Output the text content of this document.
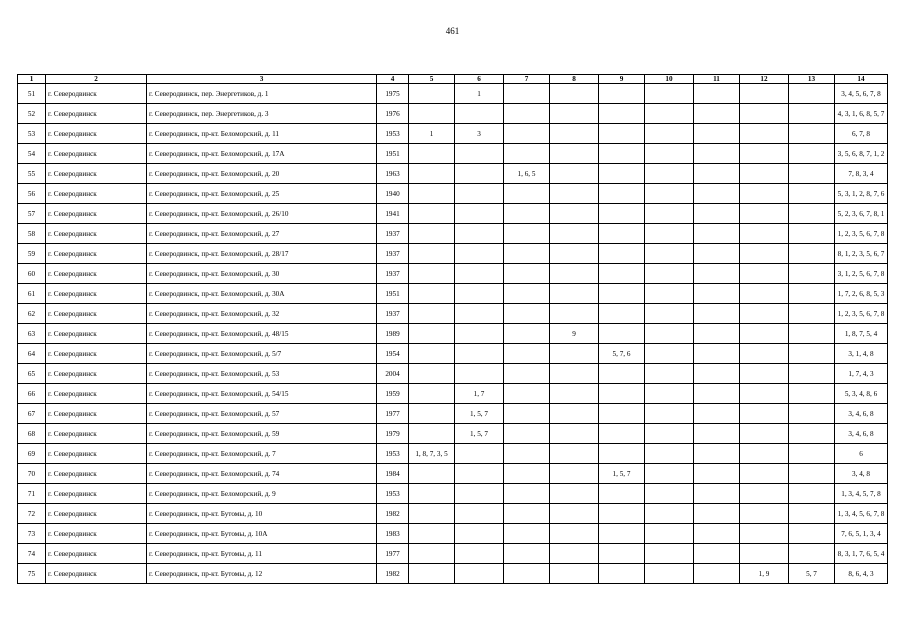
461
1	2	3	4	5	6	7	8	9	10	11	12	13	14
51	г. Северодвинск	г. Северодвинск, пер. Энергетиков, д. 1	1975		1								3, 4, 5, 6, 7, 8
52	г. Северодвинск	г. Северодвинск, пер. Энергетиков, д. 3	1976										4, 3, 1, 6, 8, 5, 7
53	г. Северодвинск	г. Северодвинск, пр-кт. Беломорский, д. 11	1953	1	3								6, 7, 8
54	г. Северодвинск	г. Северодвинск, пр-кт. Беломорский, д. 17А	1951										3, 5, 6, 8, 7, 1, 2
55	г. Северодвинск	г. Северодвинск, пр-кт. Беломорский, д. 20	1963			1, 6, 5							7, 8, 3, 4
56	г. Северодвинск	г. Северодвинск, пр-кт. Беломорский, д. 25	1940										5, 3, 1, 2, 8, 7, 6
57	г. Северодвинск	г. Северодвинск, пр-кт. Беломорский, д. 26/10	1941										5, 2, 3, 6, 7, 8, 1
58	г. Северодвинск	г. Северодвинск, пр-кт. Беломорский, д. 27	1937										1, 2, 3, 5, 6, 7, 8
59	г. Северодвинск	г. Северодвинск, пр-кт. Беломорский, д. 28/17	1937										8, 1, 2, 3, 5, 6, 7
60	г. Северодвинск	г. Северодвинск, пр-кт. Беломорский, д. 30	1937										3, 1, 2, 5, 6, 7, 8
61	г. Северодвинск	г. Северодвинск, пр-кт. Беломорский, д. 30А	1951										1, 7, 2, 6, 8, 5, 3
62	г. Северодвинск	г. Северодвинск, пр-кт. Беломорский, д. 32	1937										1, 2, 3, 5, 6, 7, 8
63	г. Северодвинск	г. Северодвинск, пр-кт. Беломорский, д. 48/15	1989				9						1, 8, 7, 5, 4
64	г. Северодвинск	г. Северодвинск, пр-кт. Беломорский, д. 5/7	1954					5, 7, 6					3, 1, 4, 8
65	г. Северодвинск	г. Северодвинск, пр-кт. Беломорский, д. 53	2004										1, 7, 4, 3
66	г. Северодвинск	г. Северодвинск, пр-кт. Беломорский, д. 54/15	1959		1, 7								5, 3, 4, 8, 6
67	г. Северодвинск	г. Северодвинск, пр-кт. Беломорский, д. 57	1977		1, 5, 7								3, 4, 6, 8
68	г. Северодвинск	г. Северодвинск, пр-кт. Беломорский, д. 59	1979		1, 5, 7								3, 4, 6, 8
69	г. Северодвинск	г. Северодвинск, пр-кт. Беломорский, д. 7	1953	1, 8, 7, 3, 5									6
70	г. Северодвинск	г. Северодвинск, пр-кт. Беломорский, д. 74	1984					1, 5, 7					3, 4, 8
71	г. Северодвинск	г. Северодвинск, пр-кт. Беломорский, д. 9	1953										1, 3, 4, 5, 7, 8
72	г. Северодвинск	г. Северодвинск, пр-кт. Бутомы, д. 10	1982										1, 3, 4, 5, 6, 7, 8
73	г. Северодвинск	г. Северодвинск, пр-кт. Бутомы, д. 10А	1983										7, 6, 5, 1, 3, 4
74	г. Северодвинск	г. Северодвинск, пр-кт. Бутомы, д. 11	1977										8, 3, 1, 7, 6, 5, 4
75	г. Северодвинск	г. Северодвинск, пр-кт. Бутомы, д. 12	1982								1, 9	5, 7	8, 6, 4, 3
